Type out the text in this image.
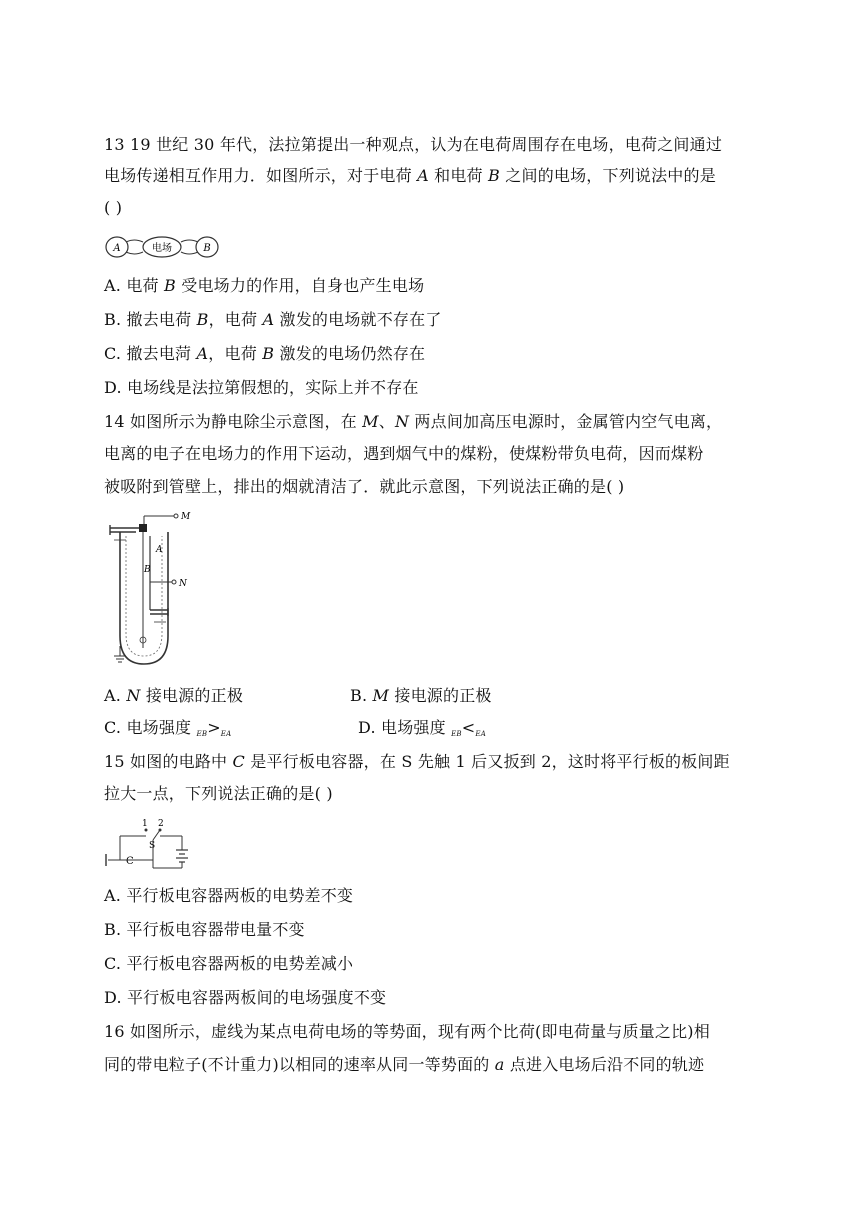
13 19 世纪 30 年代，法拉第提出一种观点，认为在电荷周围存在电场，电荷之间通过
电场传递相互作用力．如图所示，对于电荷 A 和电荷 B 之间的电场，下列说法中的是
( )
A	电场	B
A. 电荷 B 受电场力的作用，自身也产生电场
B. 撤去电荷 B，电荷 A 激发的电场就不存在了
C. 撤去电菏 A，电荷 B 激发的电场仍然存在
D. 电场线是法拉第假想的，实际上并不存在
14 如图所示为静电除尘示意图，在 M、N 两点间加高压电源时，金属管内空气电离，
电离的电子在电场力的作用下运动，遇到烟气中的煤粉，使煤粉带负电荷，因而煤粉
被吸附到管壁上，排出的烟就清洁了．就此示意图，下列说法正确的是( )
M
A
B
N
A. N 接电源的正极	B. M 接电源的正极
C. 电场强度 $_{EB}>_{EA}$	D. 电场强度 $_{EB}<_{EA}$
15 如图的电路中 C 是平行板电容器，在 S 先触 1 后又扳到 2，这时将平行板的板间距
拉大一点，下列说法正确的是( )
1 2
S
C
A. 平行板电容器两板的电势差不变
B. 平行板电容器带电量不变
C. 平行板电容器两板的电势差减小
D. 平行板电容器两板间的电场强度不变
16 如图所示，虚线为某点电荷电场的等势面，现有两个比荷(即电荷量与质量之比)相
同的带电粒子(不计重力)以相同的速率从同一等势面的 a 点进入电场后沿不同的轨迹
